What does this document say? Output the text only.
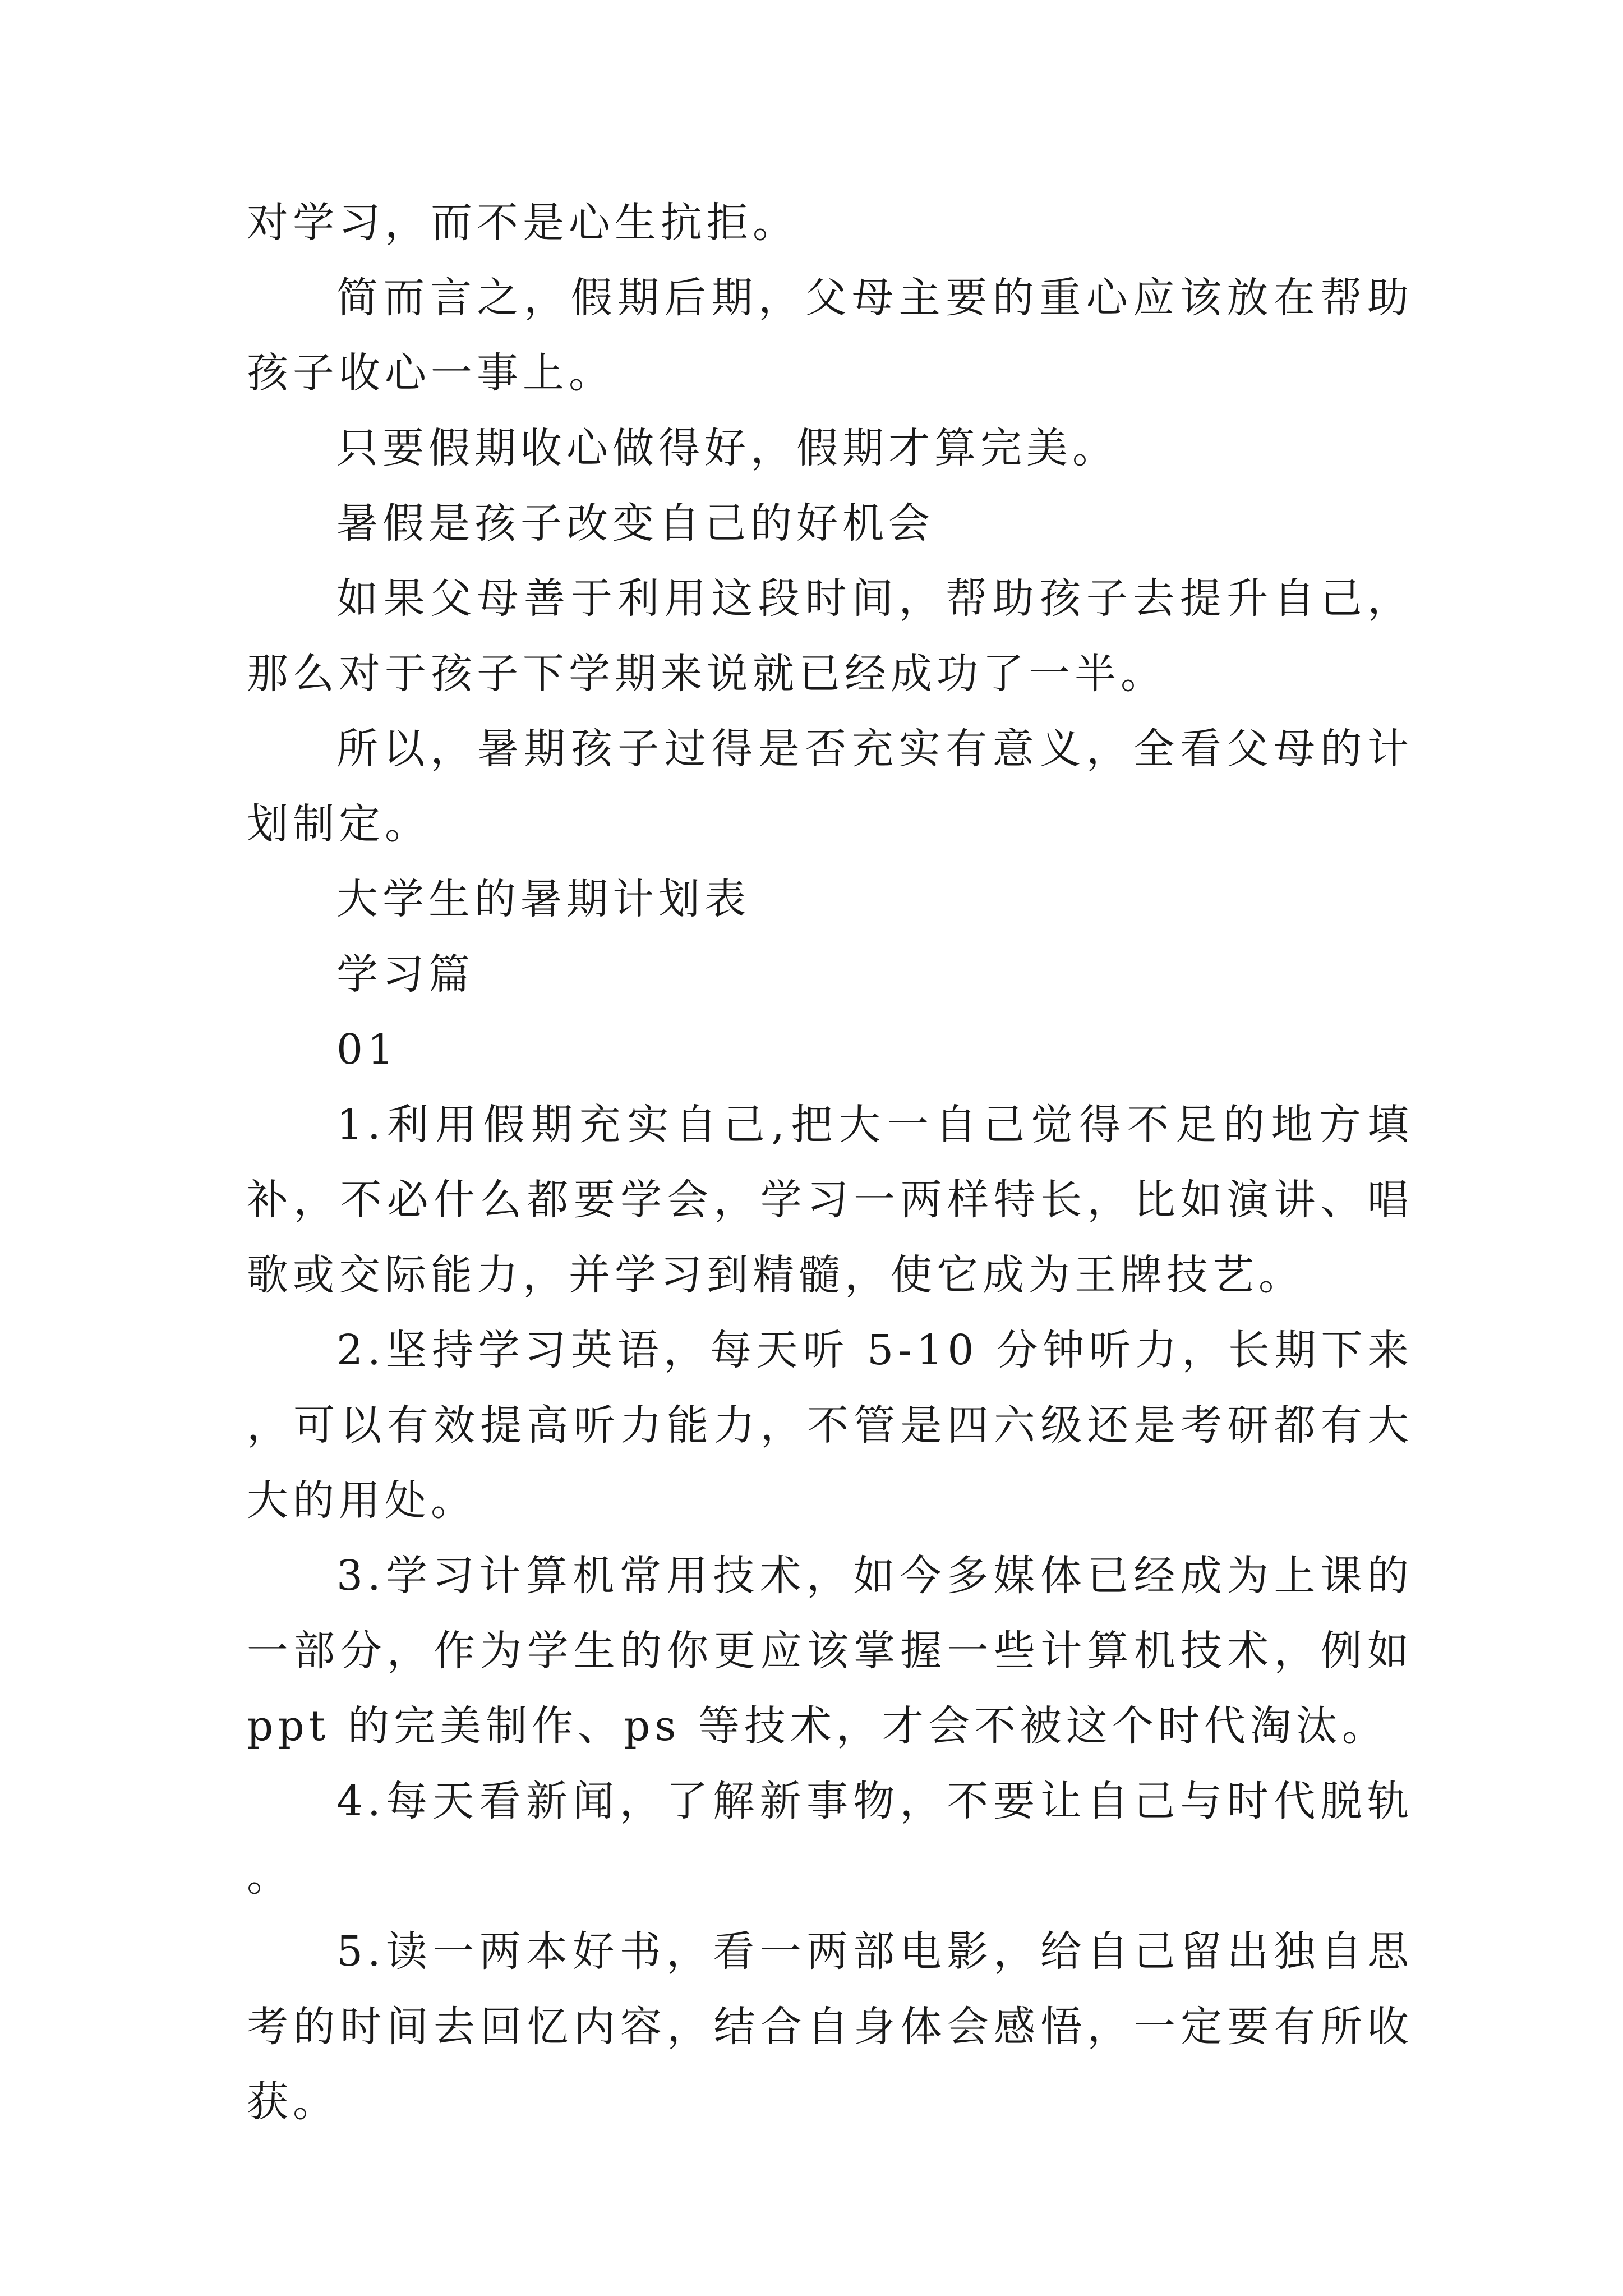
对学习，而不是心生抗拒。

简而言之，假期后期，父母主要的重心应该放在帮助孩子收心一事上。

只要假期收心做得好，假期才算完美。

暑假是孩子改变自己的好机会

如果父母善于利用这段时间，帮助孩子去提升自己，那么对于孩子下学期来说就已经成功了一半。

所以，暑期孩子过得是否充实有意义，全看父母的计划制定。

大学生的暑期计划表

学习篇

01

1.利用假期充实自己,把大一自己觉得不足的地方填补，不必什么都要学会，学习一两样特长，比如演讲、唱歌或交际能力，并学习到精髓，使它成为王牌技艺。

2.坚持学习英语，每天听 5-10 分钟听力，长期下来，可以有效提高听力能力，不管是四六级还是考研都有大大的用处。

3.学习计算机常用技术，如今多媒体已经成为上课的一部分，作为学生的你更应该掌握一些计算机技术，例如 ppt 的完美制作、ps 等技术，才会不被这个时代淘汰。

4.每天看新闻，了解新事物，不要让自己与时代脱轨。

5.读一两本好书，看一两部电影，给自己留出独自思考的时间去回忆内容，结合自身体会感悟，一定要有所收获。
